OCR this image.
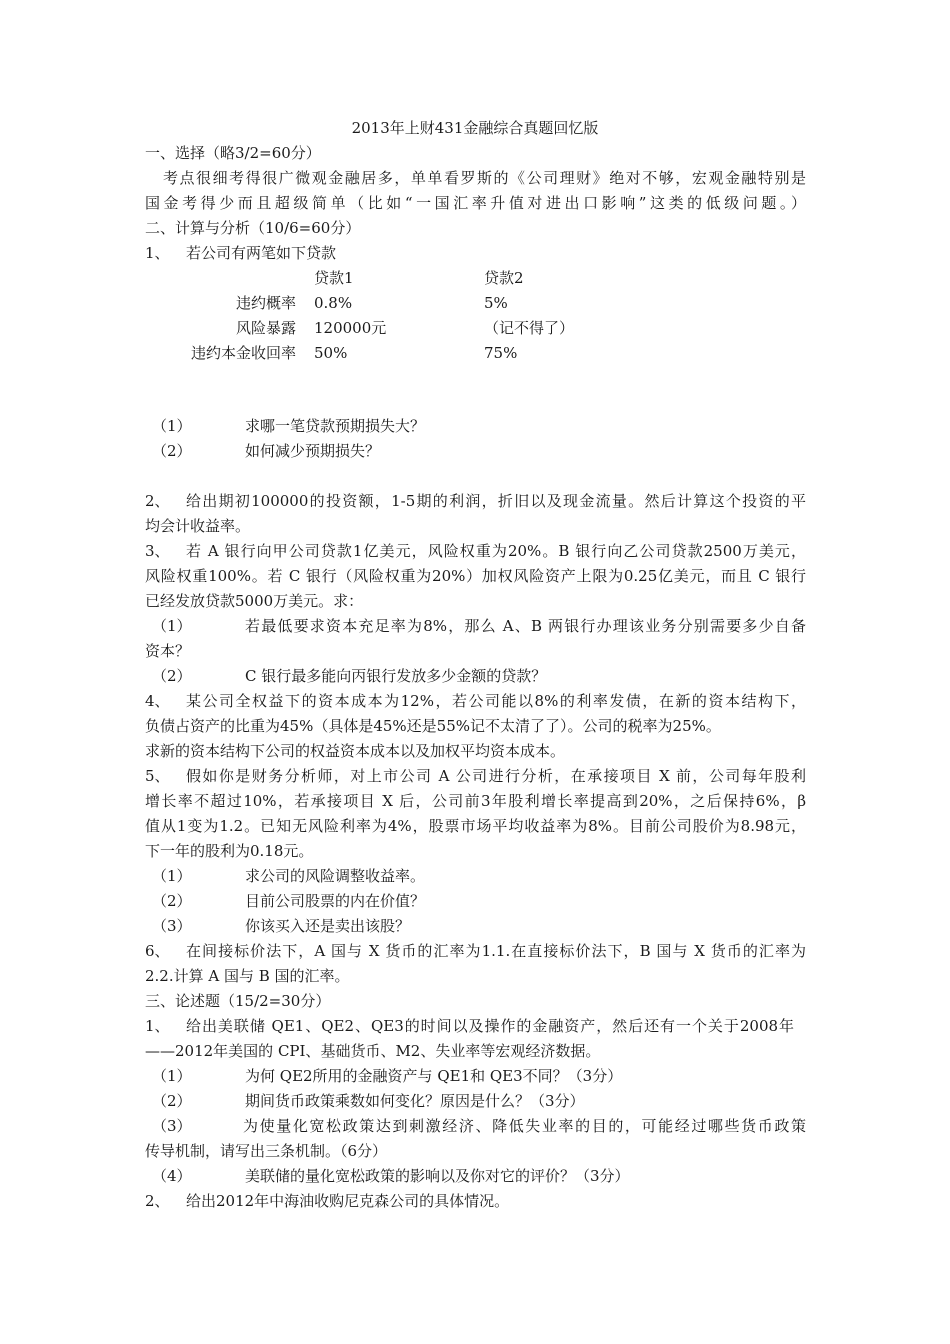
2013年上财431金融综合真题回忆版
一、选择（略3/2=60分）
考点很细考得很广微观金融居多，单单看罗斯的《公司理财》绝对不够，宏观金融特别是
国金考得少而且超级简单（比如“一国汇率升值对进出口影响”这类的低级问题。）
二、计算与分析（10/6=60分）
1、 若公司有两笔如下贷款
贷款1	贷款2
违约概率 0.8%	5%
风险暴露 120000元	（记不得了）
违约本金收回率 50%	75%
（1）	求哪一笔贷款预期损失大？
（2）	如何减少预期损失？
2、 给出期初100000的投资额，1-5期的利润，折旧以及现金流量。然后计算这个投资的平
均会计收益率。
3、 若 A 银行向甲公司贷款1亿美元，风险权重为20%。B 银行向乙公司贷款2500万美元，
风险权重100%。若 C 银行（风险权重为20%）加权风险资产上限为0.25亿美元，而且 C 银行
已经发放贷款5000万美元。求：
（1）	若最低要求资本充足率为8%，那么 A、B 两银行办理该业务分别需要多少自备
资本？
（2）	C 银行最多能向丙银行发放多少金额的贷款？
4、 某公司全权益下的资本成本为12%，若公司能以8%的利率发债，在新的资本结构下，
负债占资产的比重为45%（具体是45%还是55%记不太清了了）。公司的税率为25%。
求新的资本结构下公司的权益资本成本以及加权平均资本成本。
5、 假如你是财务分析师，对上市公司 A 公司进行分析，在承接项目 X 前，公司每年股利
增长率不超过10%，若承接项目 X 后，公司前3年股利增长率提高到20%，之后保持6%，β
值从1变为1.2。已知无风险利率为4%，股票市场平均收益率为8%。目前公司股价为8.98元，
下一年的股利为0.18元。
（1）	求公司的风险调整收益率。
（2）	目前公司股票的内在价值？
（3）	你该买入还是卖出该股？
6、 在间接标价法下，A 国与 X 货币的汇率为1.1.在直接标价法下，B 国与 X 货币的汇率为
2.2.计算 A 国与 B 国的汇率。
三、论述题（15/2=30分）
1、 给出美联储 QE1、QE2、QE3的时间以及操作的金融资产，然后还有一个关于2008年
——2012年美国的 CPI、基础货币、M2、失业率等宏观经济数据。
（1）	为何 QE2所用的金融资产与 QE1和 QE3不同？（3分）
（2）	期间货币政策乘数如何变化？原因是什么？（3分）
（3）	为使量化宽松政策达到刺激经济、降低失业率的目的，可能经过哪些货币政策
传导机制，请写出三条机制。（6分）
（4）	美联储的量化宽松政策的影响以及你对它的评价？（3分）
2、 给出2012年中海油收购尼克森公司的具体情况。
